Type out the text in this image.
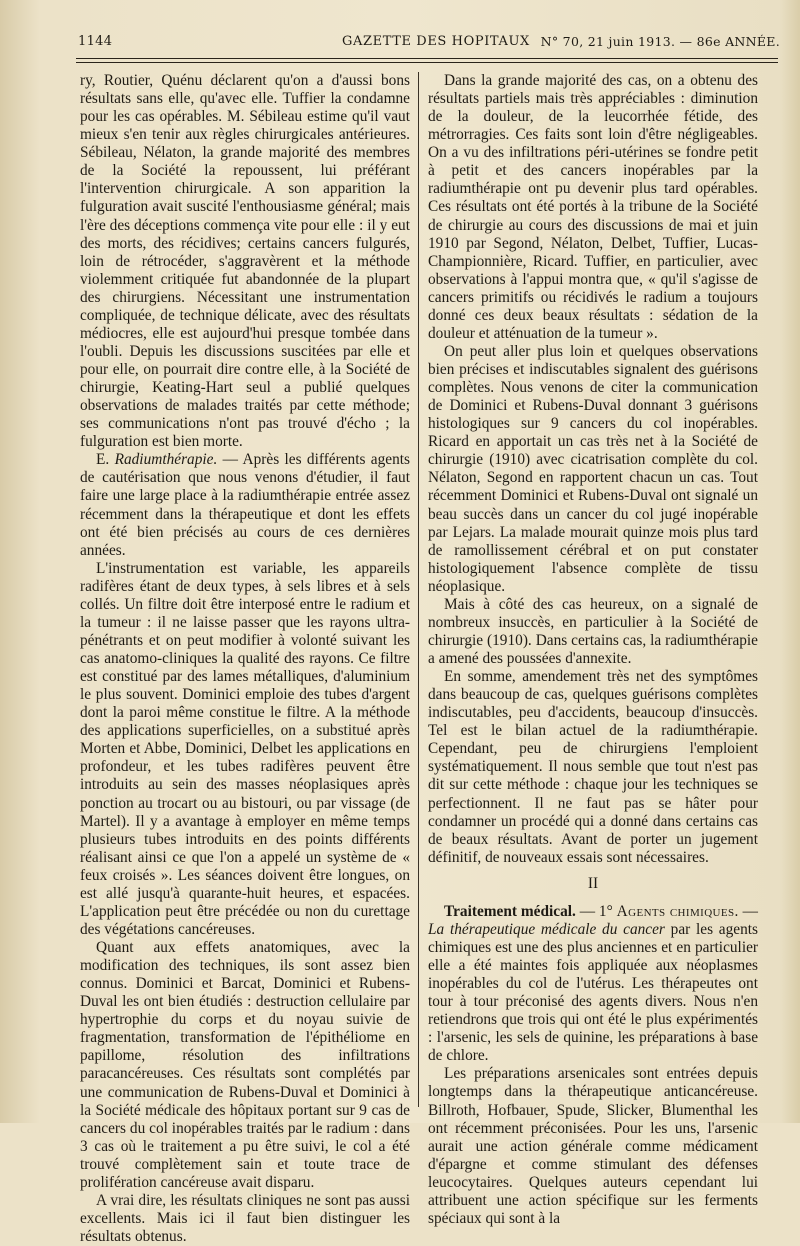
1144	GAZETTE DES HOPITAUX N° 70, 21 juin 1913. — 86e ANNÉE.

ry, Routier, Quénu déclarent qu'on a d'aussi bons résultats sans elle, qu'avec elle. Tuffier la condamne pour les cas opérables. M. Sébileau estime qu'il vaut mieux s'en tenir aux règles chirurgicales antérieures. Sébileau, Nélaton, la grande majorité des membres de la Société la repoussent, lui préférant l'intervention chirurgicale. A son apparition la fulguration avait suscité l'enthousiasme général; mais l'ère des déceptions commença vite pour elle : il y eut des morts, des récidives; certains cancers fulgurés, loin de rétrocéder, s'aggravèrent et la méthode violemment critiquée fut abandonnée de la plupart des chirurgiens. Nécessitant une instrumentation compliquée, de technique délicate, avec des résultats médiocres, elle est aujourd'hui presque tombée dans l'oubli. Depuis les discussions suscitées par elle et pour elle, on pourrait dire contre elle, à la Société de chirurgie, Keating-Hart seul a publié quelques observations de malades traités par cette méthode; ses communications n'ont pas trouvé d'écho ; la fulguration est bien morte.

E. Radiumthérapie. — Après les différents agents de cautérisation que nous venons d'étudier, il faut faire une large place à la radiumthérapie entrée assez récemment dans la thérapeutique et dont les effets ont été bien précisés au cours de ces dernières années.

L'instrumentation est variable, les appareils radifères étant de deux types, à sels libres et à sels collés. Un filtre doit être interposé entre le radium et la tumeur : il ne laisse passer que les rayons ultra-pénétrants et on peut modifier à volonté suivant les cas anatomo-cliniques la qualité des rayons. Ce filtre est constitué par des lames métalliques, d'aluminium le plus souvent. Dominici emploie des tubes d'argent dont la paroi même constitue le filtre. A la méthode des applications superficielles, on a substitué après Morten et Abbe, Dominici, Delbet les applications en profondeur, et les tubes radifères peuvent être introduits au sein des masses néoplasiques après ponction au trocart ou au bistouri, ou par vissage (de Martel). Il y a avantage à employer en même temps plusieurs tubes introduits en des points différents réalisant ainsi ce que l'on a appelé un système de « feux croisés ». Les séances doivent être longues, on est allé jusqu'à quarante-huit heures, et espacées. L'application peut être précédée ou non du curettage des végétations cancéreuses.

Quant aux effets anatomiques, avec la modification des techniques, ils sont assez bien connus. Dominici et Barcat, Dominici et Rubens-Duval les ont bien étudiés : destruction cellulaire par hypertrophie du corps et du noyau suivie de fragmentation, transformation de l'épithéliome en papillome, résolution des infiltrations paracancéreuses. Ces résultats sont complétés par une communication de Rubens-Duval et Dominici à la Société médicale des hôpitaux portant sur 9 cas de cancers du col inopérables traités par le radium : dans 3 cas où le traitement a pu être suivi, le col a été trouvé complètement sain et toute trace de prolifération cancéreuse avait disparu.

A vrai dire, les résultats cliniques ne sont pas aussi excellents. Mais ici il faut bien distinguer les résultats obtenus.

Dans la grande majorité des cas, on a obtenu des résultats partiels mais très appréciables : diminution de la douleur, de la leucorrhée fétide, des métrorragies. Ces faits sont loin d'être négligeables. On a vu des infiltrations péri-utérines se fondre petit à petit et des cancers inopérables par la radiumthérapie ont pu devenir plus tard opérables. Ces résultats ont été portés à la tribune de la Société de chirurgie au cours des discussions de mai et juin 1910 par Segond, Nélaton, Delbet, Tuffier, Lucas-Championnière, Ricard. Tuffier, en particulier, avec observations à l'appui montra que, « qu'il s'agisse de cancers primitifs ou récidivés le radium a toujours donné ces deux beaux résultats : sédation de la douleur et atténuation de la tumeur ».

On peut aller plus loin et quelques observations bien précises et indiscutables signalent des guérisons complètes. Nous venons de citer la communication de Dominici et Rubens-Duval donnant 3 guérisons histologiques sur 9 cancers du col inopérables. Ricard en apportait un cas très net à la Société de chirurgie (1910) avec cicatrisation complète du col. Nélaton, Segond en rapportent chacun un cas. Tout récemment Dominici et Rubens-Duval ont signalé un beau succès dans un cancer du col jugé inopérable par Lejars. La malade mourait quinze mois plus tard de ramollissement cérébral et on put constater histologiquement l'absence complète de tissu néoplasique.

Mais à côté des cas heureux, on a signalé de nombreux insuccès, en particulier à la Société de chirurgie (1910). Dans certains cas, la radiumthérapie a amené des poussées d'annexite.

En somme, amendement très net des symptômes dans beaucoup de cas, quelques guérisons complètes indiscutables, peu d'accidents, beaucoup d'insuccès. Tel est le bilan actuel de la radiumthérapie. Cependant, peu de chirurgiens l'emploient systématiquement. Il nous semble que tout n'est pas dit sur cette méthode : chaque jour les techniques se perfectionnent. Il ne faut pas se hâter pour condamner un procédé qui a donné dans certains cas de beaux résultats. Avant de porter un jugement définitif, de nouveaux essais sont nécessaires.

II

Traitement médical. — 1° Agents chimiques. — La thérapeutique médicale du cancer par les agents chimiques est une des plus anciennes et en particulier elle a été maintes fois appliquée aux néoplasmes inopérables du col de l'utérus. Les thérapeutes ont tour à tour préconisé des agents divers. Nous n'en retiendrons que trois qui ont été le plus expérimentés : l'arsenic, les sels de quinine, les préparations à base de chlore.

Les préparations arsenicales sont entrées depuis longtemps dans la thérapeutique anticancéreuse. Billroth, Hofbauer, Spude, Slicker, Blumenthal les ont récemment préconisées. Pour les uns, l'arsenic aurait une action générale comme médicament d'épargne et comme stimulant des défenses leucocytaires. Quelques auteurs cependant lui attribuent une action spécifique sur les ferments spéciaux qui sont à la
